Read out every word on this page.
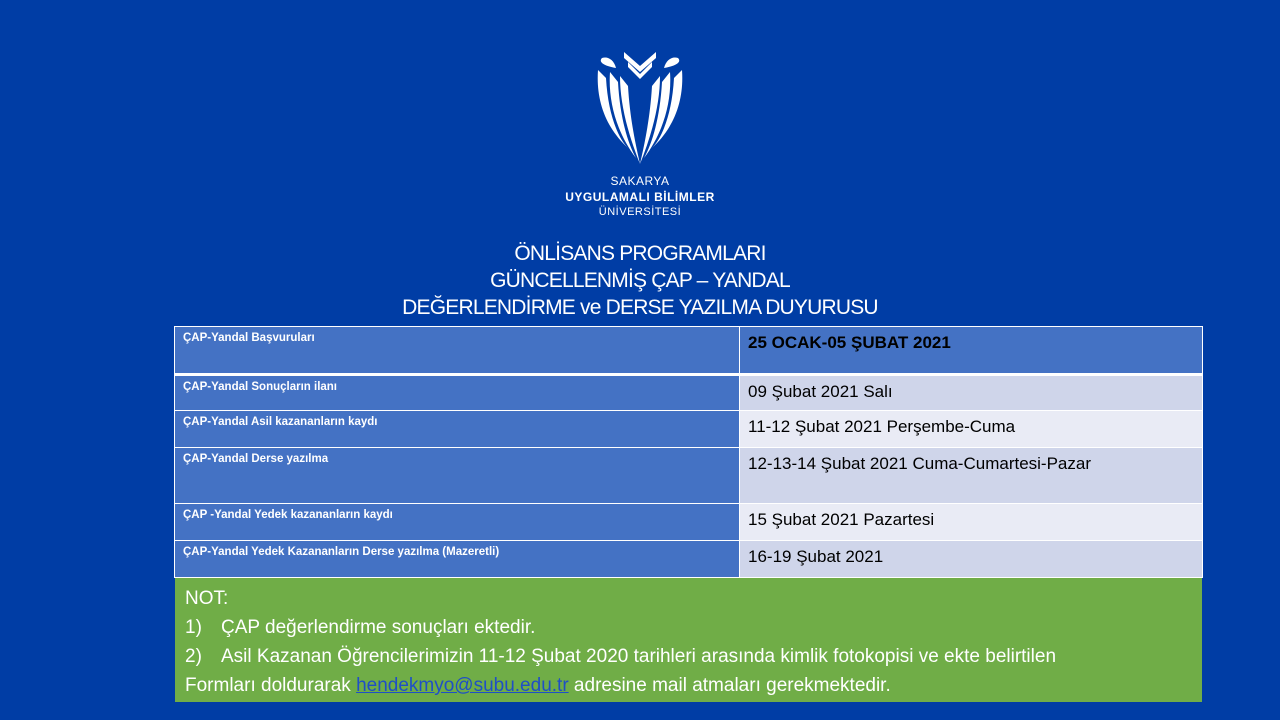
SAKARYA
UYGULAMALI BİLİMLER
ÜNİVERSİTESİ
ÖNLİSANS PROGRAMLARI
GÜNCELLENMİŞ ÇAP – YANDAL
DEĞERLENDİRME ve DERSE YAZILMA DUYURUSU
ÇAP-Yandal Başvuruları	25 OCAK-05 ŞUBAT 2021
ÇAP-Yandal Sonuçların ilanı	09 Şubat 2021 Salı
ÇAP-Yandal Asil kazananların kaydı	11-12 Şubat 2021 Perşembe-Cuma
ÇAP-Yandal Derse yazılma	12-13-14 Şubat 2021 Cuma-Cumartesi-Pazar
ÇAP -Yandal Yedek kazananların kaydı	15 Şubat 2021 Pazartesi
ÇAP-Yandal Yedek Kazananların Derse yazılma (Mazeretli)	16-19 Şubat 2021
NOT:
1) ÇAP değerlendirme sonuçları ektedir.
2) Asil Kazanan Öğrencilerimizin 11-12 Şubat 2020 tarihleri arasında kimlik fotokopisi ve ekte belirtilen
Formları doldurarak hendekmyo@subu.edu.tr adresine mail atmaları gerekmektedir.
